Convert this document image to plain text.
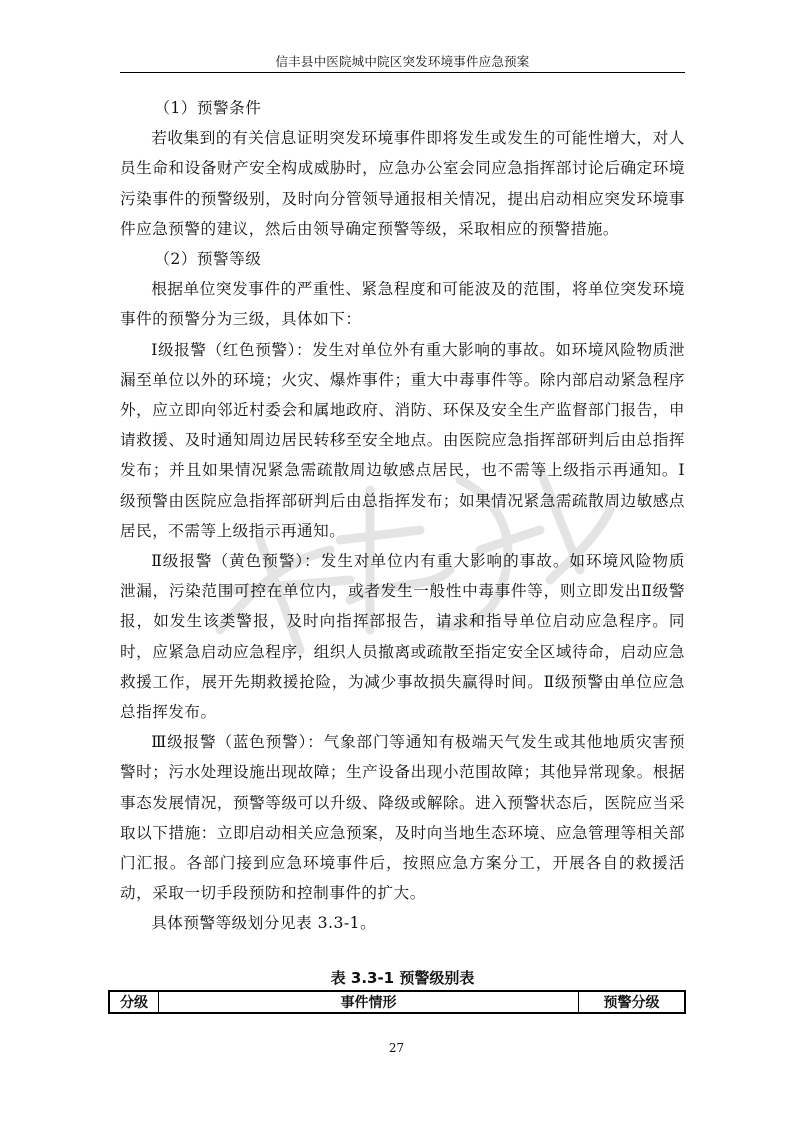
信丰县中医院城中院区突发环境事件应急预案

（1）预警条件

若收集到的有关信息证明突发环境事件即将发生或发生的可能性增大，对人员生命和设备财产安全构成威胁时，应急办公室会同应急指挥部讨论后确定环境污染事件的预警级别，及时向分管领导通报相关情况，提出启动相应突发环境事件应急预警的建议，然后由领导确定预警等级，采取相应的预警措施。

（2）预警等级

根据单位突发事件的严重性、紧急程度和可能波及的范围，将单位突发环境事件的预警分为三级，具体如下：

Ⅰ级报警（红色预警）：发生对单位外有重大影响的事故。如环境风险物质泄漏至单位以外的环境；火灾、爆炸事件；重大中毒事件等。除内部启动紧急程序外，应立即向邻近村委会和属地政府、消防、环保及安全生产监督部门报告，申请救援、及时通知周边居民转移至安全地点。由医院应急指挥部研判后由总指挥发布；并且如果情况紧急需疏散周边敏感点居民，也不需等上级指示再通知。Ⅰ级预警由医院应急指挥部研判后由总指挥发布；如果情况紧急需疏散周边敏感点居民，不需等上级指示再通知。

Ⅱ级报警（黄色预警）：发生对单位内有重大影响的事故。如环境风险物质泄漏，污染范围可控在单位内，或者发生一般性中毒事件等，则立即发出Ⅱ级警报，如发生该类警报，及时向指挥部报告，请求和指导单位启动应急程序。同时，应紧急启动应急程序，组织人员撤离或疏散至指定安全区域待命，启动应急救援工作，展开先期救援抢险，为减少事故损失赢得时间。Ⅱ级预警由单位应急总指挥发布。

Ⅲ级报警（蓝色预警）：气象部门等通知有极端天气发生或其他地质灾害预警时；污水处理设施出现故障；生产设备出现小范围故障；其他异常现象。根据事态发展情况，预警等级可以升级、降级或解除。进入预警状态后，医院应当采取以下措施：立即启动相关应急预案，及时向当地生态环境、应急管理等相关部门汇报。各部门接到应急环境事件后，按照应急方案分工，开展各自的救援活动，采取一切手段预防和控制事件的扩大。

具体预警等级划分见表 3.3-1。

表 3.3-1 预警级别表
分级	事件情形	预警分级
27
